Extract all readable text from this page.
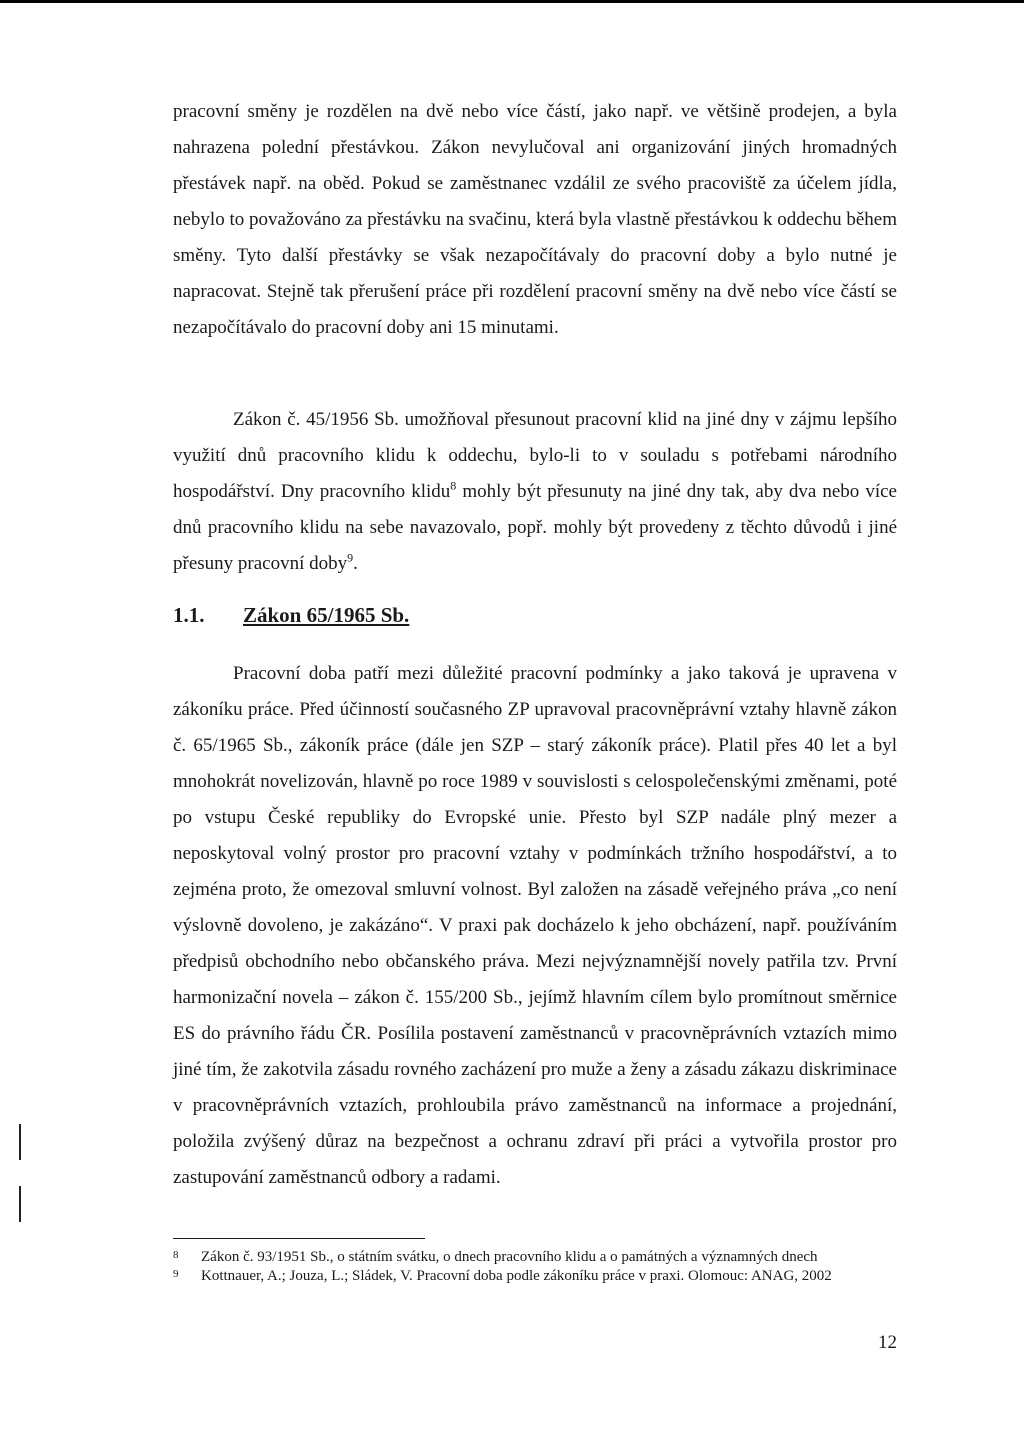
pracovní směny je rozdělen na dvě nebo více částí, jako např. ve většině prodejen, a byla nahrazena polední přestávkou. Zákon nevylučoval ani organizování jiných hromadných přestávek např. na oběd. Pokud se zaměstnanec vzdálil ze svého pracoviště za účelem jídla, nebylo to považováno za přestávku na svačinu, která byla vlastně přestávkou k oddechu během směny. Tyto další přestávky se však nezapočítávaly do pracovní doby a bylo nutné je napracovat. Stejně tak přerušení práce při rozdělení pracovní směny na dvě nebo více částí se nezapočítávalo do pracovní doby ani 15 minutami.

Zákon č. 45/1956 Sb. umožňoval přesunout pracovní klid na jiné dny v zájmu lepšího využití dnů pracovního klidu k oddechu, bylo-li to v souladu s potřebami národního hospodářství. Dny pracovního klidu$^8$ mohly být přesunuty na jiné dny tak, aby dva nebo více dnů pracovního klidu na sebe navazovalo, popř. mohly být provedeny z těchto důvodů i jiné přesuny pracovní doby$^9$.

1.1. Zákon 65/1965 Sb.

Pracovní doba patří mezi důležité pracovní podmínky a jako taková je upravena v zákoníku práce. Před účinností současného ZP upravoval pracovněprávní vztahy hlavně zákon č. 65/1965 Sb., zákoník práce (dále jen SZP – starý zákoník práce). Platil přes 40 let a byl mnohokrát novelizován, hlavně po roce 1989 v souvislosti s celospolečenskými změnami, poté po vstupu České republiky do Evropské unie. Přesto byl SZP nadále plný mezer a neposkytoval volný prostor pro pracovní vztahy v podmínkách tržního hospodářství, a to zejména proto, že omezoval smluvní volnost. Byl založen na zásadě veřejného práva „co není výslovně dovoleno, je zakázáno“. V praxi pak docházelo k jeho obcházení, např. používáním předpisů obchodního nebo občanského práva. Mezi nejvýznamnější novely patřila tzv. První harmonizační novela – zákon č. 155/200 Sb., jejímž hlavním cílem bylo promítnout směrnice ES do právního řádu ČR. Posílila postavení zaměstnanců v pracovněprávních vztazích mimo jiné tím, že zakotvila zásadu rovného zacházení pro muže a ženy a zásadu zákazu diskriminace v pracovněprávních vztazích, prohloubila právo zaměstnanců na informace a projednání, položila zvýšený důraz na bezpečnost a ochranu zdraví při práci a vytvořila prostor pro zastupování zaměstnanců odbory a radami.

8	Zákon č. 93/1951 Sb., o státním svátku, o dnech pracovního klidu a o památných a významných dnech
9	Kottnauer, A.; Jouza, L.; Sládek, V. Pracovní doba podle zákoníku práce v praxi. Olomouc: ANAG, 2002
12
